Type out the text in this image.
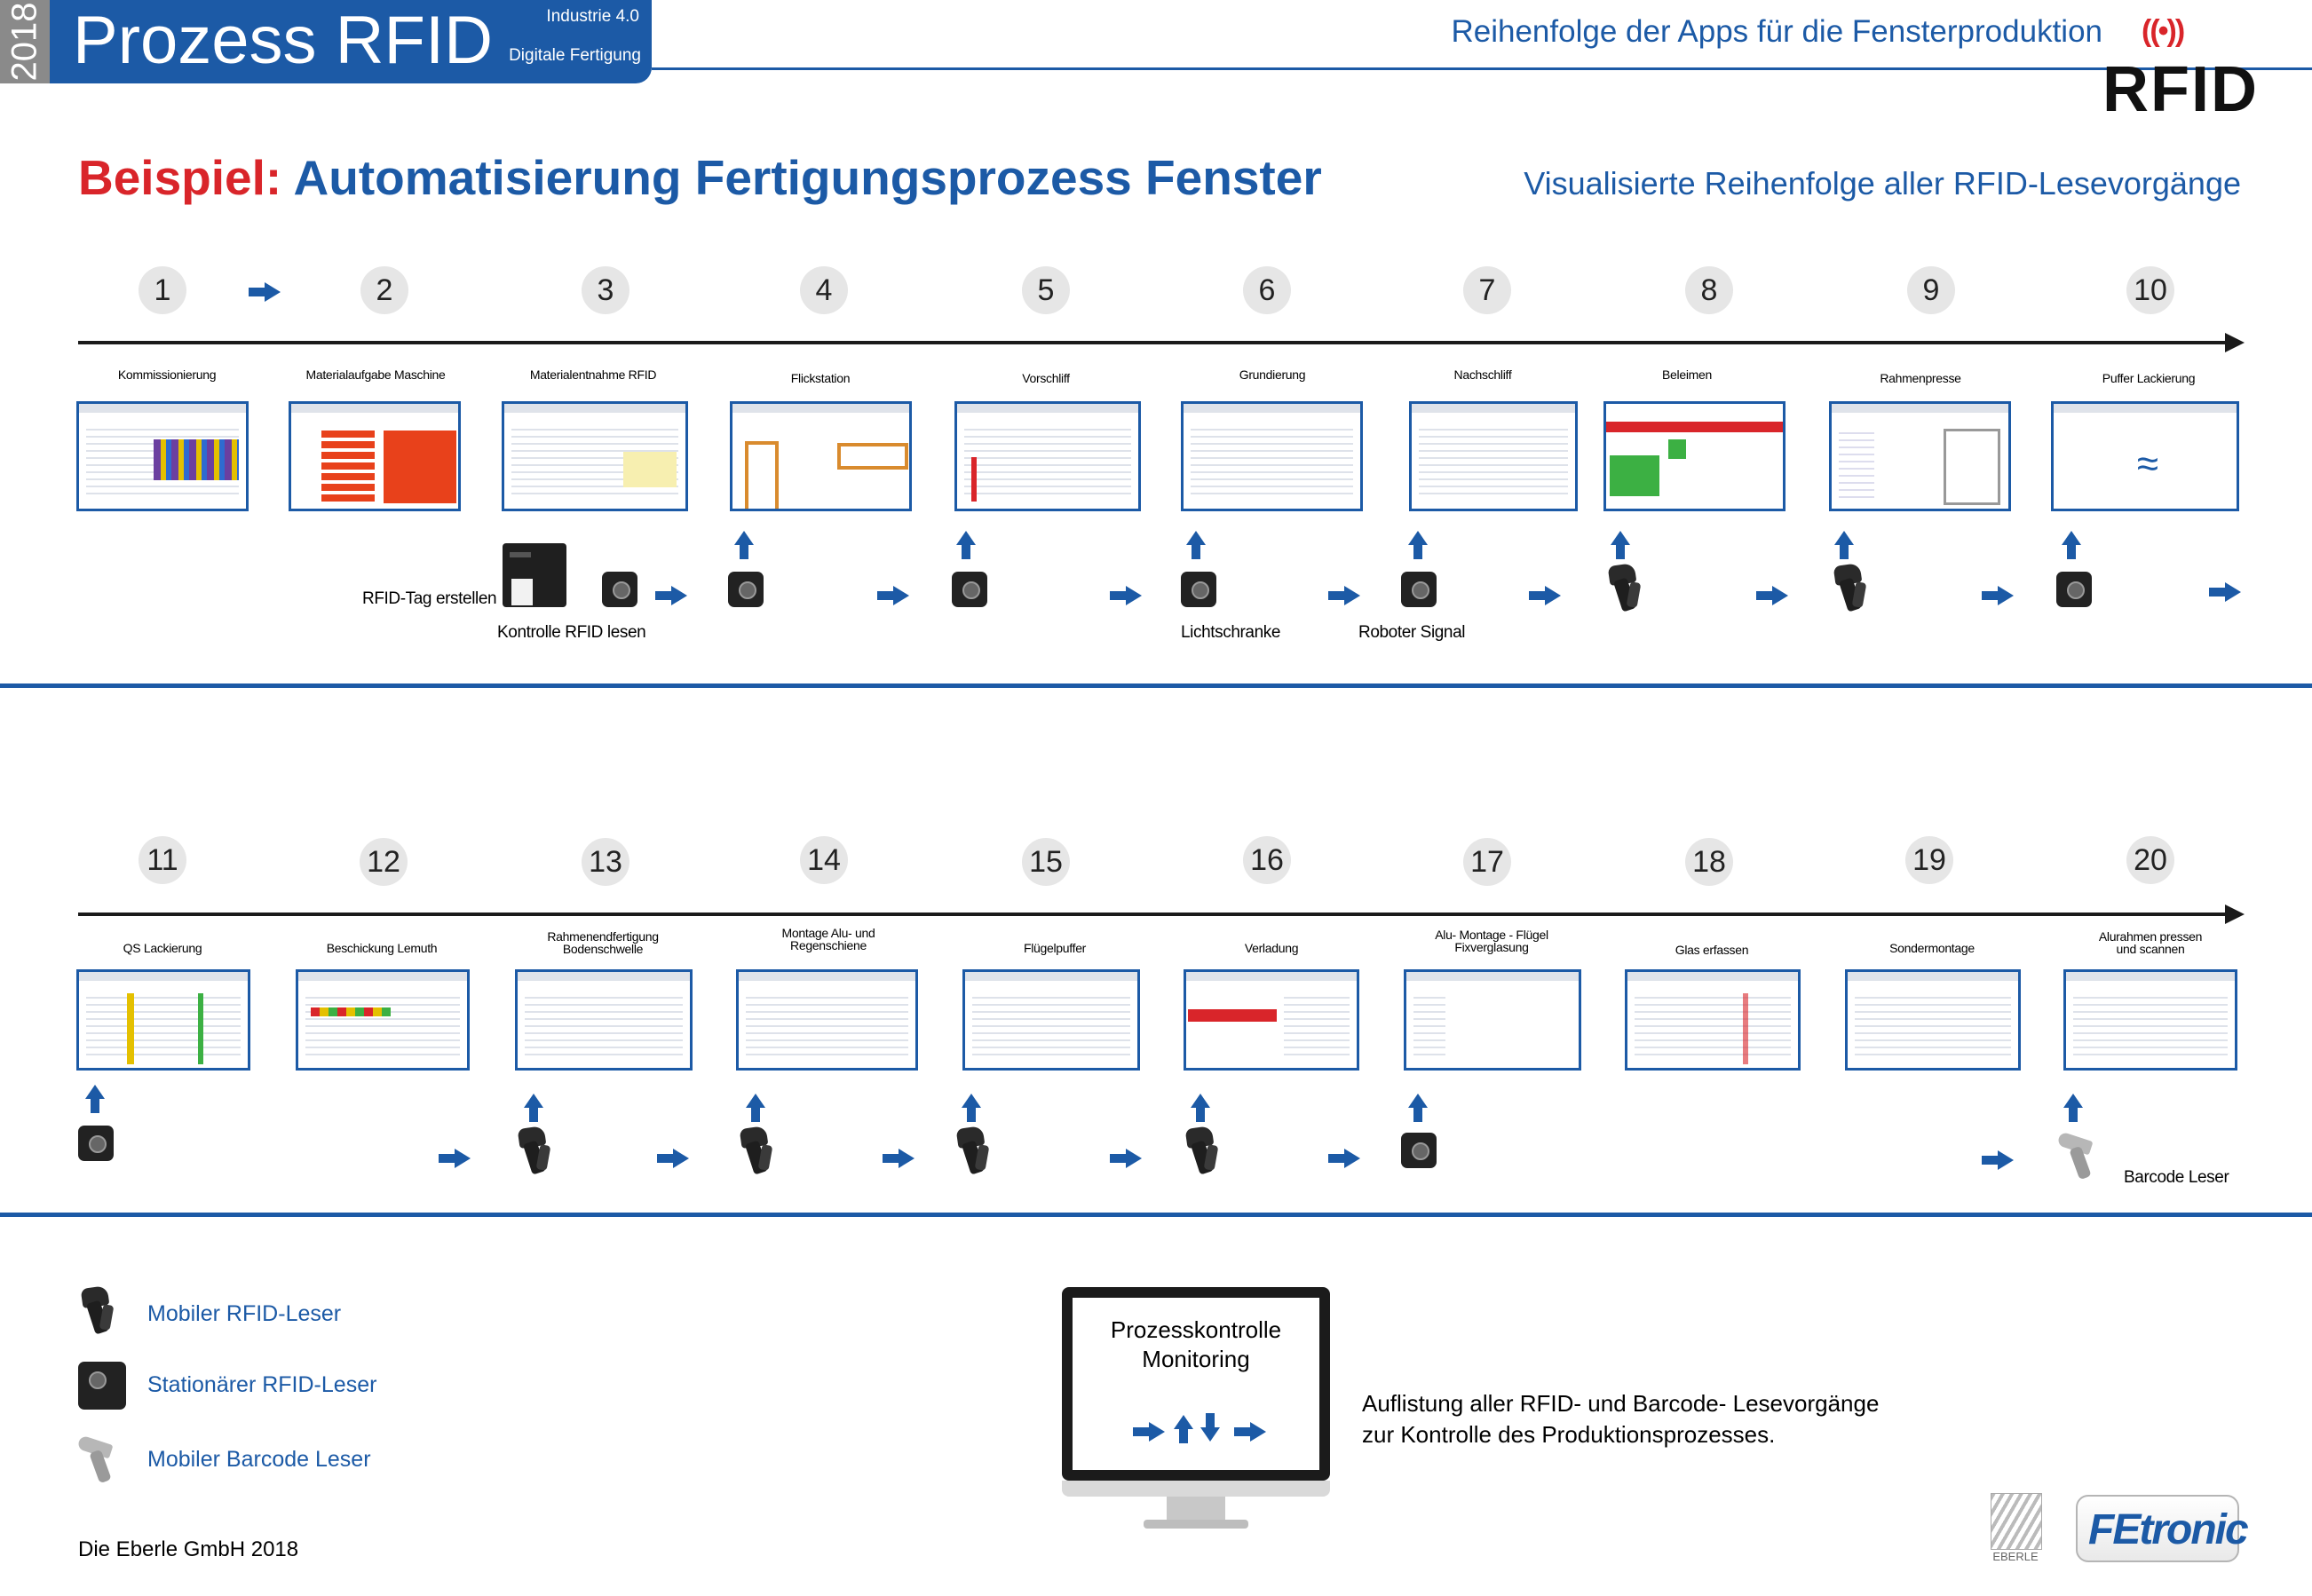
2018 Prozess RFID	Industrie 4.0
Digitale Fertigung
Reihenfolge der Apps für die Fensterproduktion ((•))
RFID
Beispiel: Automatisierung Fertigungsprozess Fenster	Visualisierte Reihenfolge aller RFID-Lesevorgänge
1	2	3	4	5	6	7	8	9	10
Kommissionierung	Materialaufgabe Maschine	Materialentnahme RFID	Flickstation	Vorschliff	Grundierung	Nachschliff	Beleimen	Rahmenpresse	Puffer Lackierung
≈
RFID-Tag erstellen
Kontrolle RFID lesen	Lichtschranke	Roboter Signal
11	12	13	14	15	16	17	18	19	20
QS Lackierung	Beschickung Lemuth
Rahmenendfertigung
Bodenschwelle
Montage Alu- und
Regenschiene	Flügelpuffer	Verladung
Alu- Montage - Flügel
Fixverglasung	Glas erfassen	Sondermontage
Alurahmen pressen
und scannen
Barcode Leser
Mobiler RFID-Leser
Stationärer RFID-Leser
Mobiler Barcode Leser
Prozesskontrolle
Monitoring
Auflistung aller RFID- und Barcode- Lesevorgänge
zur Kontrolle des Produktionsprozesses.
Die Eberle GmbH 2018	EBERLE
FEtronic
